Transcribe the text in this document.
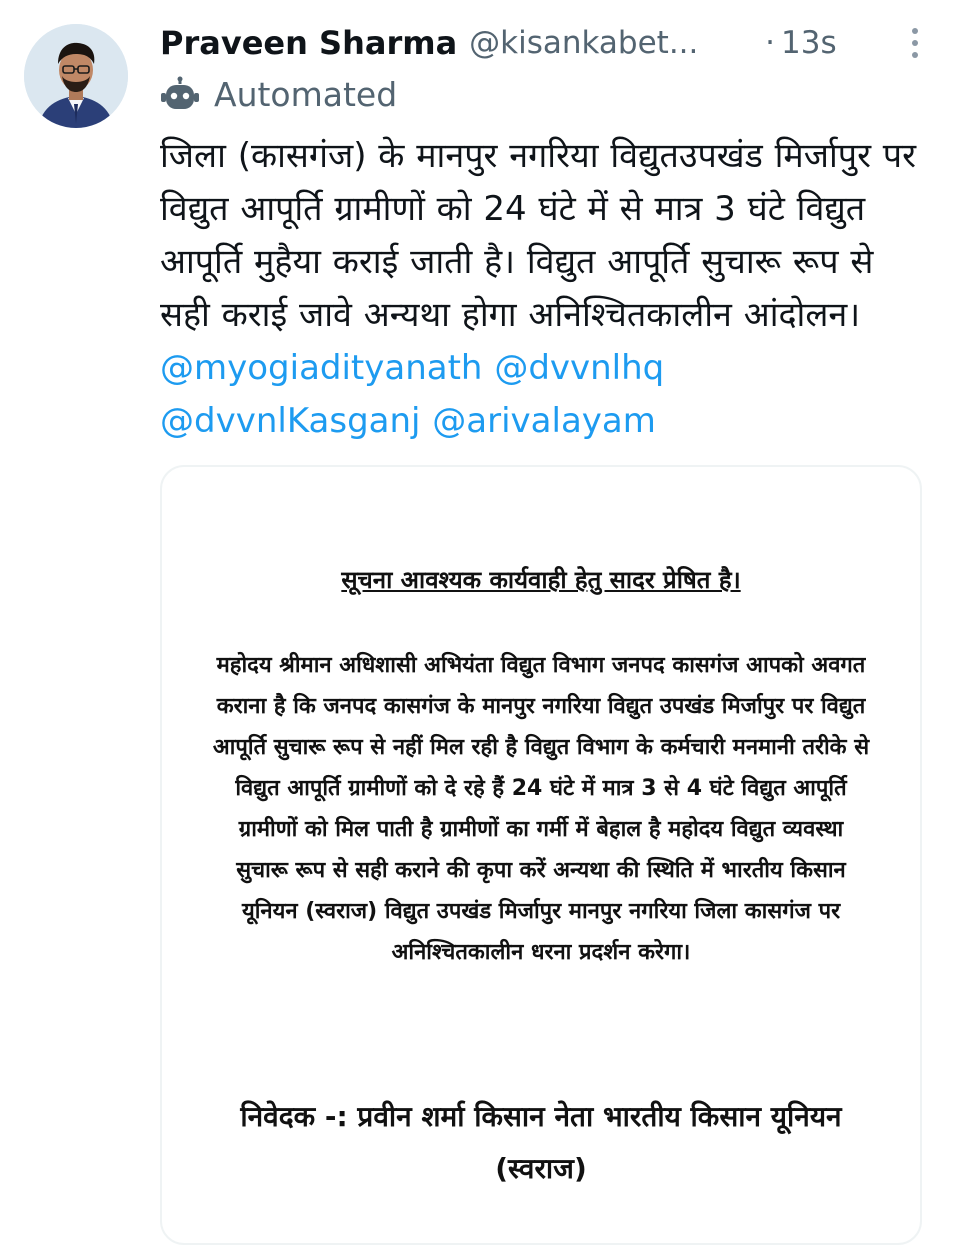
Praveen Sharma @kisankabet...	· 13s
Automated
जिला (कासगंज) के मानपुर नगरिया विद्युतउपखंड मिर्जापुर पर विद्युत आपूर्ति ग्रामीणों को 24 घंटे में से मात्र 3 घंटे विद्युत आपूर्ति मुहैया कराई जाती है। विद्युत आपूर्ति सुचारू रूप से सही कराई जावे अन्यथा होगा अनिश्चितकालीन आंदोलन।@myogiadityanath @dvvnlhq @dvvnlKasganj @arivalayam
सूचना आवश्यक कार्यवाही हेतु सादर प्रेषित है।
महोदय श्रीमान अधिशासी अभियंता विद्युत विभाग जनपद कासगंज आपको अवगत कराना है कि जनपद कासगंज के मानपुर नगरिया विद्युत उपखंड मिर्जापुर पर विद्युत आपूर्ति सुचारू रूप से नहीं मिल रही है विद्युत विभाग के कर्मचारी मनमानी तरीके से विद्युत आपूर्ति ग्रामीणों को दे रहे हैं 24 घंटे में मात्र 3 से 4 घंटे विद्युत आपूर्ति ग्रामीणों को मिल पाती है ग्रामीणों का गर्मी में बेहाल है महोदय विद्युत व्यवस्था सुचारू रूप से सही कराने की कृपा करें अन्यथा की स्थिति में भारतीय किसान यूनियन (स्वराज) विद्युत उपखंड मिर्जापुर मानपुर नगरिया जिला कासगंज पर अनिश्चितकालीन धरना प्रदर्शन करेगा।
निवेदक -: प्रवीन शर्मा किसान नेता भारतीय किसान यूनियन (स्वराज)
